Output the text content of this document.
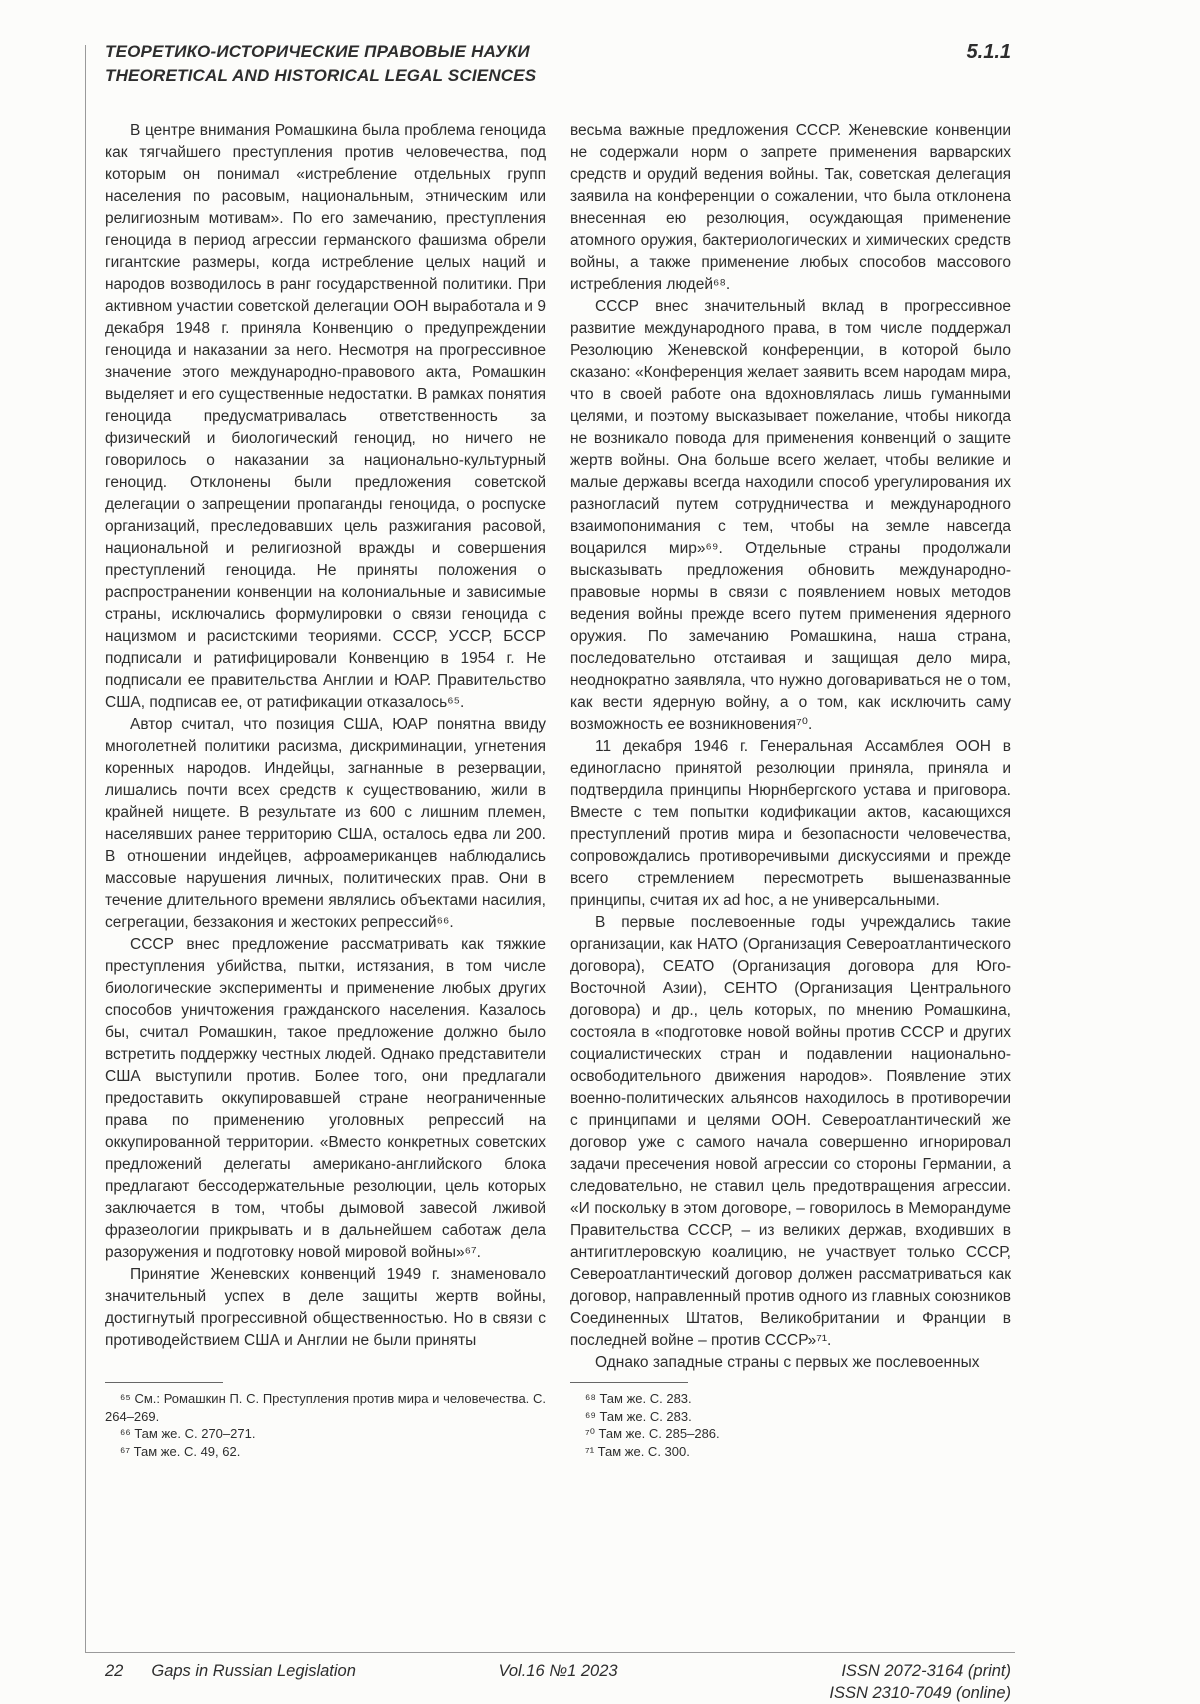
ТЕОРЕТИКО-ИСТОРИЧЕСКИЕ ПРАВОВЫЕ НАУКИ
THEORETICAL AND HISTORICAL LEGAL SCIENCES
5.1.1

В центре внимания Ромашкина была проблема геноцида как тягчайшего преступления против человечества, под которым он понимал «истребление отдельных групп населения по расовым, национальным, этническим или религиозным мотивам». По его замечанию, преступления геноцида в период агрессии германского фашизма обрели гигантские размеры, когда истребление целых наций и народов возводилось в ранг государственной политики. При активном участии советской делегации ООН выработала и 9 декабря 1948 г. приняла Конвенцию о предупреждении геноцида и наказании за него. Несмотря на прогрессивное значение этого международно-правового акта, Ромашкин выделяет и его существенные недостатки. В рамках понятия геноцида предусматривалась ответственность за физический и биологический геноцид, но ничего не говорилось о наказании за национально-культурный геноцид. Отклонены были предложения советской делегации о запрещении пропаганды геноцида, о роспуске организаций, преследовавших цель разжигания расовой, национальной и религиозной вражды и совершения преступлений геноцида. Не приняты положения о распространении конвенции на колониальные и зависимые страны, исключались формулировки о связи геноцида с нацизмом и расистскими теориями. СССР, УССР, БССР подписали и ратифицировали Конвенцию в 1954 г. Не подписали ее правительства Англии и ЮАР. Правительство США, подписав ее, от ратификации отказалось⁶⁵.

Автор считал, что позиция США, ЮАР понятна ввиду многолетней политики расизма, дискриминации, угнетения коренных народов. Индейцы, загнанные в резервации, лишались почти всех средств к существованию, жили в крайней нищете. В результате из 600 с лишним племен, населявших ранее территорию США, осталось едва ли 200. В отношении индейцев, афроамериканцев наблюдались массовые нарушения личных, политических прав. Они в течение длительного времени являлись объектами насилия, сегрегации, беззакония и жестоких репрессий⁶⁶.

СССР внес предложение рассматривать как тяжкие преступления убийства, пытки, истязания, в том числе биологические эксперименты и применение любых других способов уничтожения гражданского населения. Казалось бы, считал Ромашкин, такое предложение должно было встретить поддержку честных людей. Однако представители США выступили против. Более того, они предлагали предоставить оккупировавшей стране неограниченные права по применению уголовных репрессий на оккупированной территории. «Вместо конкретных советских предложений делегаты американо-английского блока предлагают бессодержательные резолюции, цель которых заключается в том, чтобы дымовой завесой лживой фразеологии прикрывать и в дальнейшем саботаж дела разоружения и подготовку новой мировой войны»⁶⁷.

Принятие Женевских конвенций 1949 г. знаменовало значительный успех в деле защиты жертв войны, достигнутый прогрессивной общественностью. Но в связи с противодействием США и Англии не были приняты

⁶⁵ См.: Ромашкин П. С. Преступления против мира и человечества. С. 264–269.

⁶⁶ Там же. С. 270–271.

⁶⁷ Там же. С. 49, 62.

весьма важные предложения СССР. Женевские конвенции не содержали норм о запрете применения варварских средств и орудий ведения войны. Так, советская делегация заявила на конференции о сожалении, что была отклонена внесенная ею резолюция, осуждающая применение атомного оружия, бактериологических и химических средств войны, а также применение любых способов массового истребления людей⁶⁸.

СССР внес значительный вклад в прогрессивное развитие международного права, в том числе поддержал Резолюцию Женевской конференции, в которой было сказано: «Конференция желает заявить всем народам мира, что в своей работе она вдохновлялась лишь гуманными целями, и поэтому высказывает пожелание, чтобы никогда не возникало повода для применения конвенций о защите жертв войны. Она больше всего желает, чтобы великие и малые державы всегда находили способ урегулирования их разногласий путем сотрудничества и международного взаимопонимания с тем, чтобы на земле навсегда воцарился мир»⁶⁹. Отдельные страны продолжали высказывать предложения обновить международно-правовые нормы в связи с появлением новых методов ведения войны прежде всего путем применения ядерного оружия. По замечанию Ромашкина, наша страна, последовательно отстаивая и защищая дело мира, неоднократно заявляла, что нужно договариваться не о том, как вести ядерную войну, а о том, как исключить саму возможность ее возникновения⁷⁰.

11 декабря 1946 г. Генеральная Ассамблея ООН в единогласно принятой резолюции приняла, приняла и подтвердила принципы Нюрнбергского устава и приговора. Вместе с тем попытки кодификации актов, касающихся преступлений против мира и безопасности человечества, сопровождались противоречивыми дискуссиями и прежде всего стремлением пересмотреть вышеназванные принципы, считая их ad hoc, а не универсальными.

В первые послевоенные годы учреждались такие организации, как НАТО (Организация Североатлантического договора), СЕАТО (Организация договора для Юго-Восточной Азии), СЕНТО (Организация Центрального договора) и др., цель которых, по мнению Ромашкина, состояла в «подготовке новой войны против СССР и других социалистических стран и подавлении национально-освободительного движения народов». Появление этих военно-политических альянсов находилось в противоречии с принципами и целями ООН. Североатлантический же договор уже с самого начала совершенно игнорировал задачи пресечения новой агрессии со стороны Германии, а следовательно, не ставил цель предотвращения агрессии. «И поскольку в этом договоре, – говорилось в Меморандуме Правительства СССР, – из великих держав, входивших в антигитлеровскую коалицию, не участвует только СССР, Североатлантический договор должен рассматриваться как договор, направленный против одного из главных союзников Соединенных Штатов, Великобритании и Франции в последней войне – против СССР»⁷¹.

Однако западные страны с первых же послевоенных

⁶⁸ Там же. С. 283.

⁶⁹ Там же. С. 283.

⁷⁰ Там же. С. 285–286.

⁷¹ Там же. С. 300.

22 Gaps in Russian Legislation	Vol.16 №1 2023	ISSN 2072-3164 (print)
ISSN 2310-7049 (online)
